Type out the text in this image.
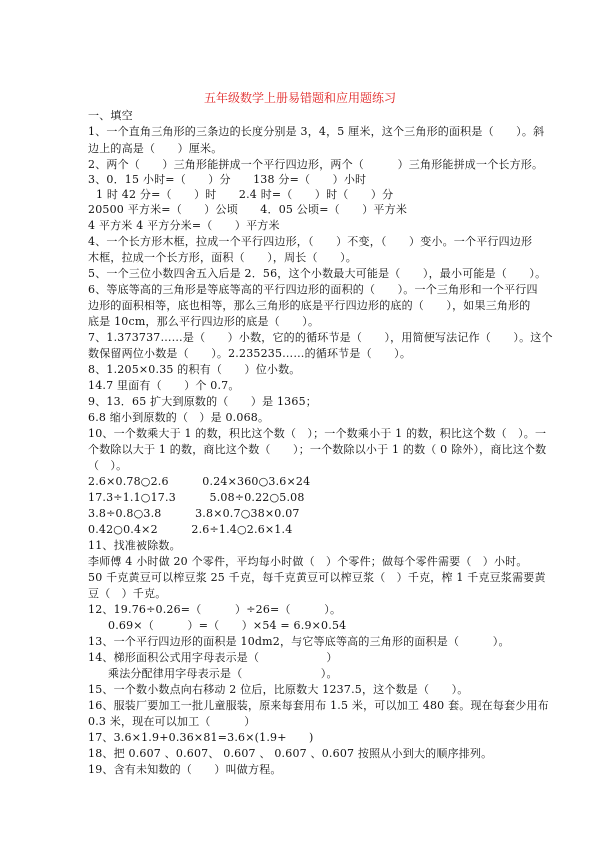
五年级数学上册易错题和应用题练习
一、填空
1、一个直角三角形的三条边的长度分别是 3，4，5 厘米，这个三角形的面积是（　　）。斜
边上的高是（　　）厘米。
2、两个（　　）三角形能拼成一个平行四边形，两个（　　　）三角形能拼成一个长方形。
3、0．15 小时=（　　）分　　138 分=（　　）小时
1 时 42 分=（　　）时　　2.4 时=（　　）时（　　）分
20500 平方米=（　　）公顷　　4．05 公顷=（　　）平方米
4 平方米 4 平方分米=（　　）平方米
4、一个长方形木框，拉成一个平行四边形，（　　）不变，（　　）变小。一个平行四边形
木框，拉成一个长方形，面积（　　），周长（　　）。
5、一个三位小数四舍五入后是 2．56，这个小数最大可能是（　　），最小可能是（　　）。
6、等底等高的三角形是等底等高的平行四边形的面积的（　　）。一个三角形和一个平行四
边形的面积相等，底也相等，那么三角形的底是平行四边形的底的（　　），如果三角形的
底是 10cm，那么平行四边形的底是（　　）。
7、1.373737……是（　　）小数，它的的循环节是（　　），用简便写法记作（　　）。这个
数保留两位小数是（　　）。2.235235……的循环节是（　　）。
8、1.205×0.35 的积有（　　）位小数。
14.7 里面有（　　）个 0.7。
9、13．65 扩大到原数的（　　）是 1365；
6.8 缩小到原数的（　）是 0.068。
10、一个数乘大于 1 的数，积比这个数（　）；一个数乘小于 1 的数，积比这个数（　）。一
个数除以大于 1 的数，商比这个数（　　）；一个数除以小于 1 的数（ 0 除外），商比这个数
（　）。
2.6×0.78○2.6　　　0.24×360○3.6×24
17.3÷1.1○17.3　　　5.08÷0.22○5.08
3.8÷0.8○3.8　　　3.8×0.7○38×0.07
0.42○0.4×2　　　2.6÷1.4○2.6×1.4
11、找准被除数。
李师傅 4 小时做 20 个零件，平均每小时做（　）个零件；做每个零件需要（　）小时。
50 千克黄豆可以榨豆浆 25 千克，每千克黄豆可以榨豆浆（　）千克，榨 1 千克豆浆需要黄
豆（　）千克。
12、19.76÷0.26=（　　　）÷26=（　　　）。
0.69×（　　　）=（　　）×54 = 6.9×0.54
13、一个平行四边形的面积是 10dm2，与它等底等高的三角形的面积是（　　　）。
14、梯形面积公式用字母表示是（　　　　　　）
乘法分配律用字母表示是（　　　　　　　）。
15、一个数小数点向右移动 2 位后，比原数大 1237.5，这个数是（　　）。
16、服装厂要加工一批儿童服装，原来每套用布 1.5 米，可以加工 480 套。现在每套少用布
0.3 米，现在可以加工（　　　）
17、3.6×1.9+0.36×81=3.6×(1.9+　　)
18、把 0.607 、0.607、 0.607 、 0.607 、0.607 按照从小到大的顺序排列。
19、含有未知数的（　　）叫做方程。
